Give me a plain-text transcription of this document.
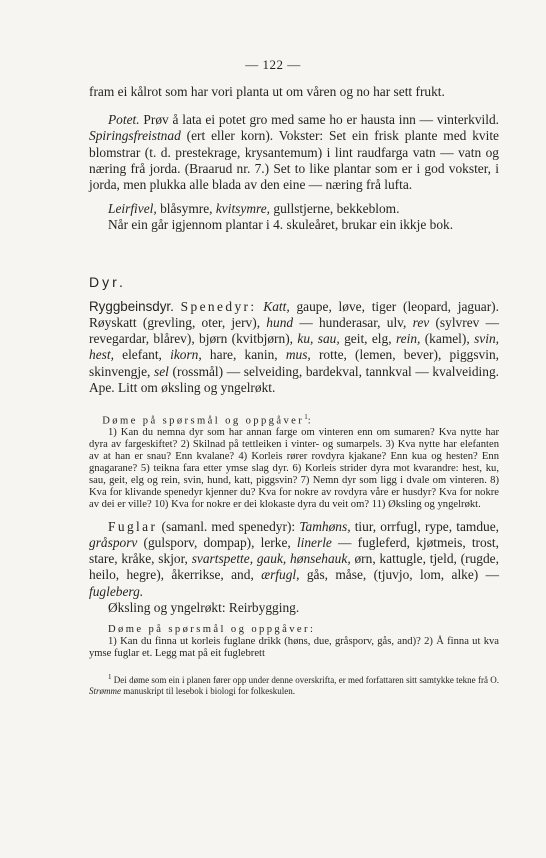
— 122 —

fram ei kålrot som har vori planta ut om våren og no har sett frukt.

Potet. Prøv å lata ei potet gro med same ho er hausta inn — vinterkvild. Spiringsfreistnad (ert eller korn). Vokster: Set ein frisk plante med kvite blomstrar (t. d. prestekrage, krysantemum) i lint raudfarga vatn — vatn og næring frå jorda. (Braarud nr. 7.) Set to like plantar som er i god vokster, i jorda, men plukka alle blada av den eine — næring frå lufta.

Leirfivel, blåsymre, kvitsymre, gullstjerne, bekkeblom.

Når ein går igjennom plantar i 4. skuleåret, brukar ein ikkje bok.

Dyr.

Ryggbeinsdyr. Spenedyr: Katt, gaupe, løve, tiger (leopard, jaguar). Røyskatt (grevling, oter, jerv), hund — hunderasar, ulv, rev (sylvrev — revegardar, blårev), bjørn (kvitbjørn), ku, sau, geit, elg, rein, (kamel), svin, hest, elefant, ikorn, hare, kanin, mus, rotte, (lemen, bever), piggsvin, skinvengje, sel (rossmål) — selveiding, bardekval, tannkval — kvalveiding. Ape. Litt om øksling og yngelrøkt.

Døme på spørsmål og oppgåver$^1$:

1) Kan du nemna dyr som har annan farge om vinteren enn om sumaren? Kva nytte har dyra av fargeskiftet? 2) Skilnad på tettleiken i vinter- og sumarpels. 3) Kva nytte har elefanten av at han er snau? Enn kvalane? 4) Korleis rører rovdyra kjakane? Enn kua og hesten? Enn gnagarane? 5) teikna fara etter ymse slag dyr. 6) Korleis strider dyra mot kvarandre: hest, ku, sau, geit, elg og rein, svin, hund, katt, piggsvin? 7) Nemn dyr som ligg i dvale om vinteren. 8) Kva for klivande spenedyr kjenner du? Kva for nokre av rovdyra våre er husdyr? Kva for nokre av dei er ville? 10) Kva for nokre er dei klokaste dyra du veit om? 11) Øksling og yngelrøkt.

Fuglar (samanl. med spenedyr): Tamhøns, tiur, orrfugl, rype, tamdue, gråsporv (gulsporv, dompap), lerke, linerle — fugleferd, kjøtmeis, trost, stare, kråke, skjor, svartspette, gauk, hønsehauk, ørn, kattugle, tjeld, (rugde, heilo, hegre), åkerrikse, and, ærfugl, gås, måse, (tjuvjo, lom, alke) — fugleberg.

Øksling og yngelrøkt: Reirbygging.

Døme på spørsmål og oppgåver:

1) Kan du finna ut korleis fuglane drikk (høns, due, gråsporv, gås, and)? 2) Å finna ut kva ymse fuglar et. Legg mat på eit fuglebrett

$^1$ Dei døme som ein i planen fører opp under denne overskrifta, er med forfattaren sitt samtykke tekne frå O. Strømme manuskript til lesebok i biologi for folkeskulen.
